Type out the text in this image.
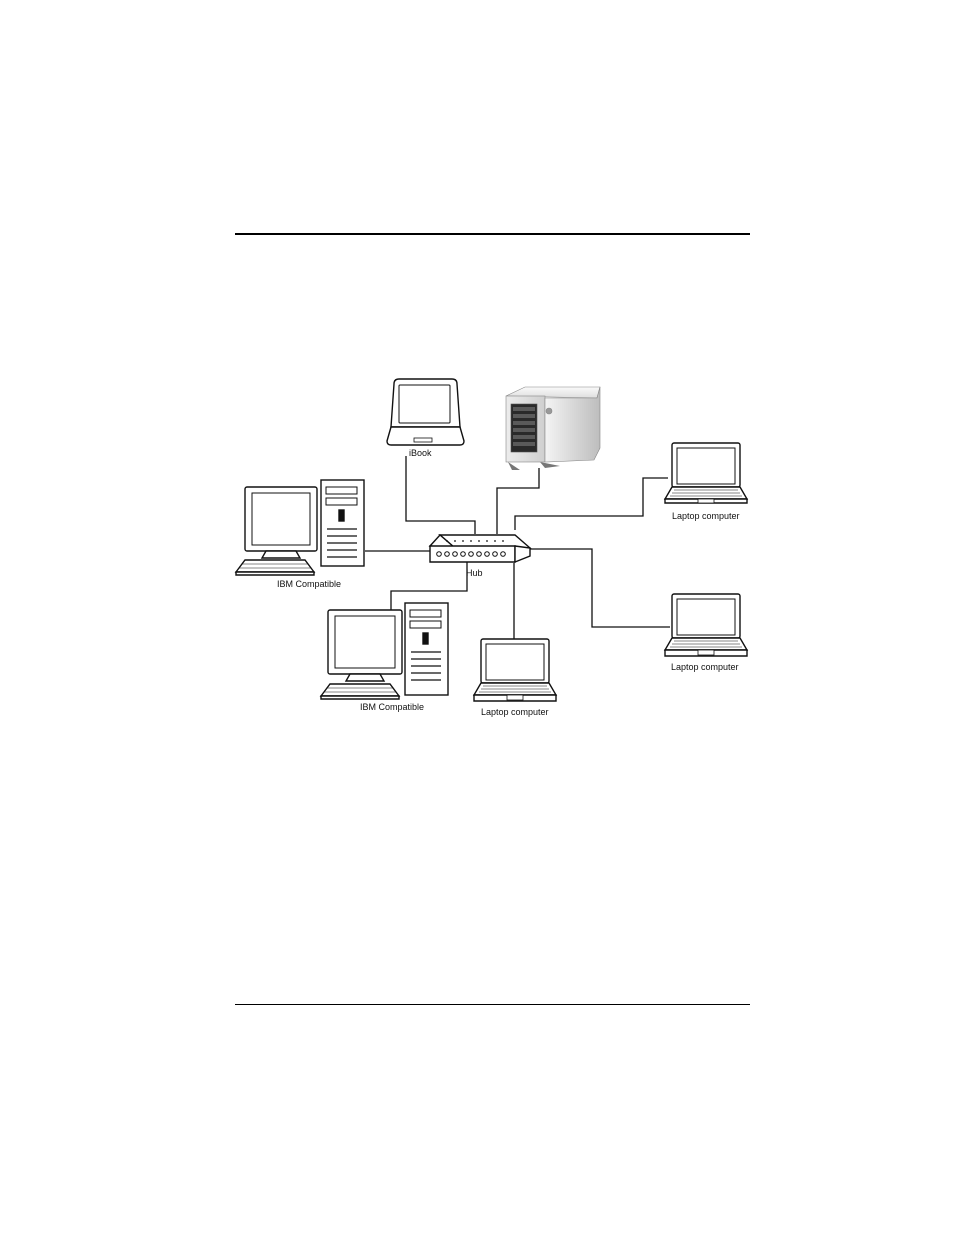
iBook
Hub
IBM Compatible
IBM Compatible
Laptop computer
Laptop computer
Laptop computer
